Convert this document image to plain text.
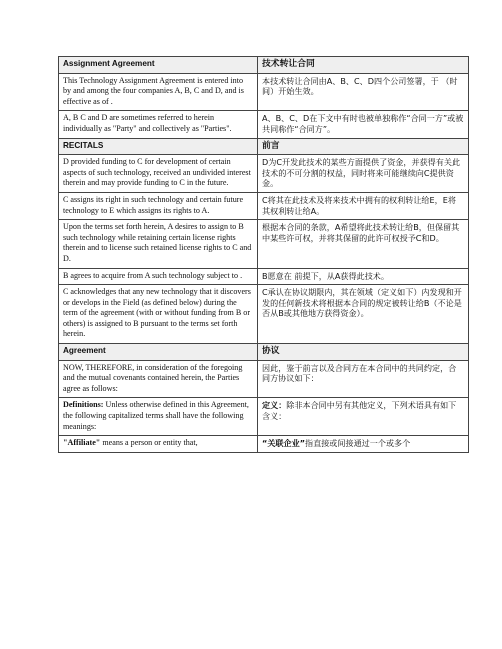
Assignment Agreement	技术转让合同
This Technology Assignment Agreement is entered into by and among the four companies A, B, C and D, and is effective as of .	本技术转让合同由A、B、C、D四个公司签署，于 （时间）开始生效。
A, B C and D are sometimes referred to herein individually as "Party" and collectively as "Parties".	A、B、C、D在下文中有时也被单独称作“合同一方”或被共同称作“合同方”。
RECITALS	前言
D provided funding to C for development of certain aspects of such technology, received an undivided interest therein and may provide funding to C in the future.	D为C开发此技术的某些方面提供了资金，并获得有关此技术的不可分割的权益，同时将来可能继续向C提供资金。
C assigns its right in such technology and certain future technology to E which assigns its rights to A.	C将其在此技术及将来技术中拥有的权利转让给E，E将其权利转让给A。
Upon the terms set forth herein, A desires to assign to B such technology while retaining certain license rights therein and to license such retained license rights to C and D.	根据本合同的条款，A希望将此技术转让给B，但保留其中某些许可权，并将其保留的此许可权授予C和D。
B agrees to acquire from A such technology subject to .	B愿意在 前提下，从A获得此技术。
C acknowledges that any new technology that it discovers or develops in the Field (as defined below) during the term of the agreement (with or without funding from B or others) is assigned to B pursuant to the terms set forth herein.	C承认在协议期限内，其在领域（定义如下）内发现和开发的任何新技术将根据本合同的规定被转让给B（不论是否从B或其他地方获得资金）。
Agreement	协议
NOW, THEREFORE, in consideration of the foregoing and the mutual covenants contained herein, the Parties agree as follows:	因此，鉴于前言以及合同方在本合同中的共同约定，合同方协议如下：
Definitions: Unless otherwise defined in this Agreement, the following capitalized terms shall have the following meanings:	定义：除非本合同中另有其他定义，下列术语具有如下含义：
"Affiliate" means a person or entity that,	“关联企业”指直接或间接通过一个或多个
